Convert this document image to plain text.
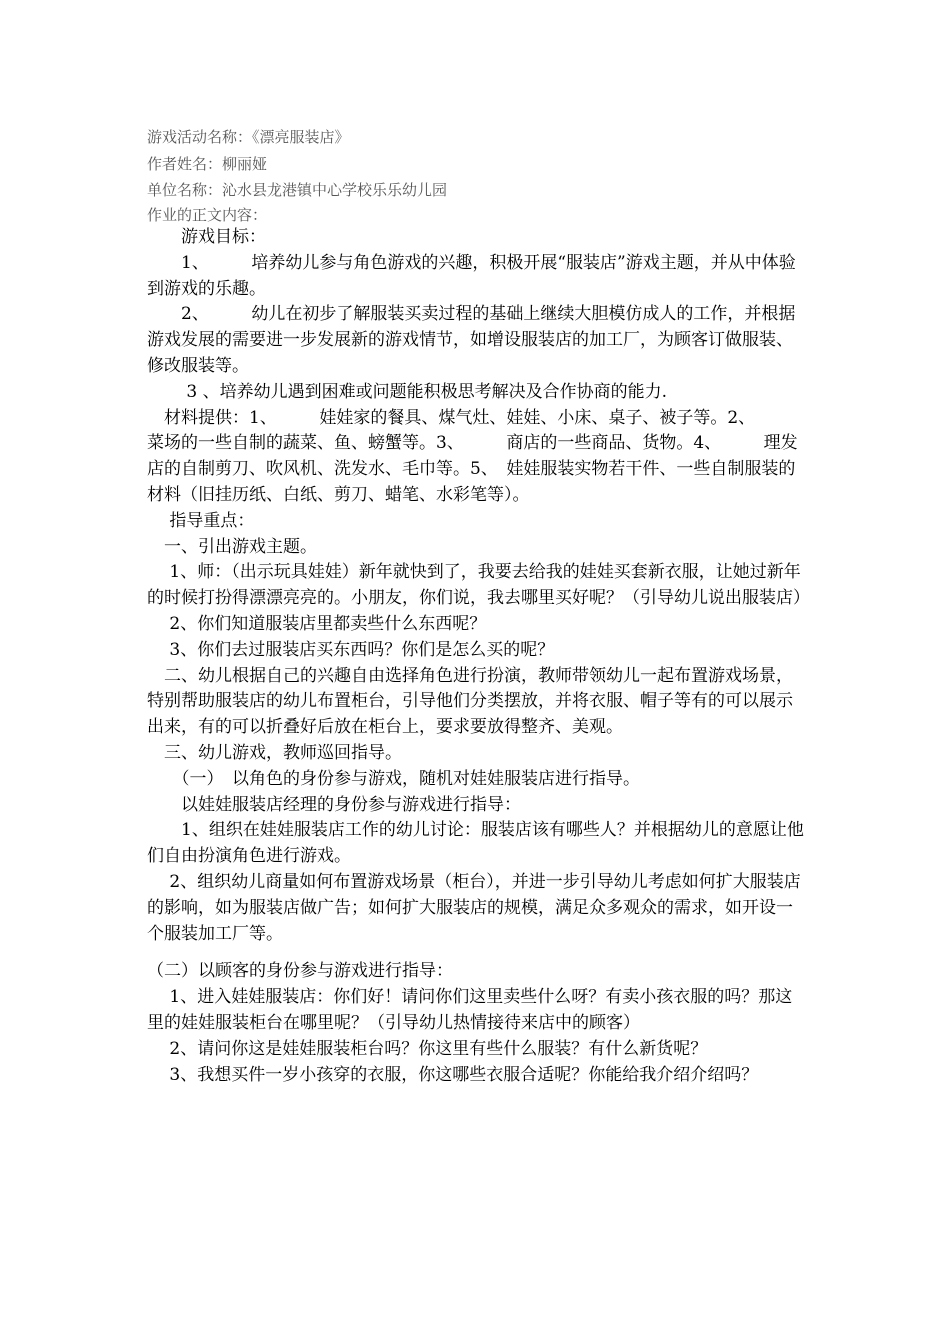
游戏活动名称：《漂亮服装店》
作者姓名：柳丽娅
单位名称：沁水县龙港镇中心学校乐乐幼儿园
作业的正文内容：

　　游戏目标：

　　1、　　　培养幼儿参与角色游戏的兴趣，积极开展“服装店”游戏主题，并从中体验到游戏的乐趣。

　　2、　　　幼儿在初步了解服装买卖过程的基础上继续大胆模仿成人的工作，并根据游戏发展的需要进一步发展新的游戏情节，如增设服装店的加工厂，为顾客订做服装、修改服装等。

　　 3 、培养幼儿遇到困难或问题能积极思考解决及合作协商的能力.

　材料提供：1、　　　娃娃家的餐具、煤气灶、娃娃、小床、桌子、被子等。2、　　　菜场的一些自制的蔬菜、鱼、螃蟹等。3、　　　商店的一些商品、货物。4、　　　理发店的自制剪刀、吹风机、洗发水、毛巾等。5、　娃娃服装实物若干件、一些自制服装的材料（旧挂历纸、白纸、剪刀、蜡笔、水彩笔等）。

　 指导重点：

　一、引出游戏主题。

　 1、师：（出示玩具娃娃）新年就快到了，我要去给我的娃娃买套新衣服，让她过新年的时候打扮得漂漂亮亮的。小朋友，你们说，我去哪里买好呢？（引导幼儿说出服装店）

　 2、你们知道服装店里都卖些什么东西呢？

　 3、你们去过服装店买东西吗？你们是怎么买的呢？

　二、幼儿根据自己的兴趣自由选择角色进行扮演，教师带领幼儿一起布置游戏场景，特别帮助服装店的幼儿布置柜台，引导他们分类摆放，并将衣服、帽子等有的可以展示出来，有的可以折叠好后放在柜台上，要求要放得整齐、美观。

　三、幼儿游戏，教师巡回指导。

　　（一）　以角色的身份参与游戏，随机对娃娃服装店进行指导。

　　以娃娃服装店经理的身份参与游戏进行指导：

　　1、组织在娃娃服装店工作的幼儿讨论：服装店该有哪些人？并根据幼儿的意愿让他们自由扮演角色进行游戏。

　 2、组织幼儿商量如何布置游戏场景（柜台），并进一步引导幼儿考虑如何扩大服装店的影响，如为服装店做广告；如何扩大服装店的规模，满足众多观众的需求，如开设一个服装加工厂等。

（二）以顾客的身份参与游戏进行指导：

　 1、进入娃娃服装店：你们好！请问你们这里卖些什么呀？有卖小孩衣服的吗？那这里的娃娃服装柜台在哪里呢？（引导幼儿热情接待来店中的顾客）

　 2、请问你这是娃娃服装柜台吗？你这里有些什么服装？有什么新货呢？

　 3、我想买件一岁小孩穿的衣服，你这哪些衣服合适呢？你能给我介绍介绍吗？
